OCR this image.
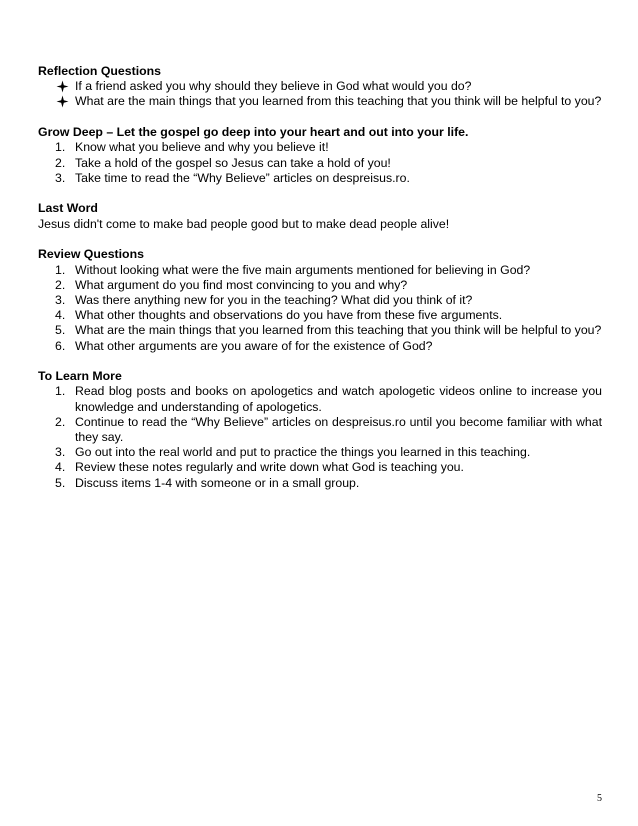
Reflection Questions

If a friend asked you why should they believe in God what would you do?
What are the main things that you learned from this teaching that you think will be helpful to you?

Grow Deep – Let the gospel go deep into your heart and out into your life.

1. Know what you believe and why you believe it!
2. Take a hold of the gospel so Jesus can take a hold of you!
3. Take time to read the “Why Believe” articles on despreisus.ro.

Last Word

Jesus didn't come to make bad people good but to make dead people alive!

Review Questions

1. Without looking what were the five main arguments mentioned for believing in God?
2. What argument do you find most convincing to you and why?
3. Was there anything new for you in the teaching? What did you think of it?
4. What other thoughts and observations do you have from these five arguments.
5. What are the main things that you learned from this teaching that you think will be helpful to you?
6. What other arguments are you aware of for the existence of God?

To Learn More

1. Read blog posts and books on apologetics and watch apologetic videos online to increase you knowledge and understanding of apologetics.
2. Continue to read the “Why Believe” articles on despreisus.ro until you become familiar with what they say.
3. Go out into the real world and put to practice the things you learned in this teaching.
4. Review these notes regularly and write down what God is teaching you.
5. Discuss items 1-4 with someone or in a small group.
5
